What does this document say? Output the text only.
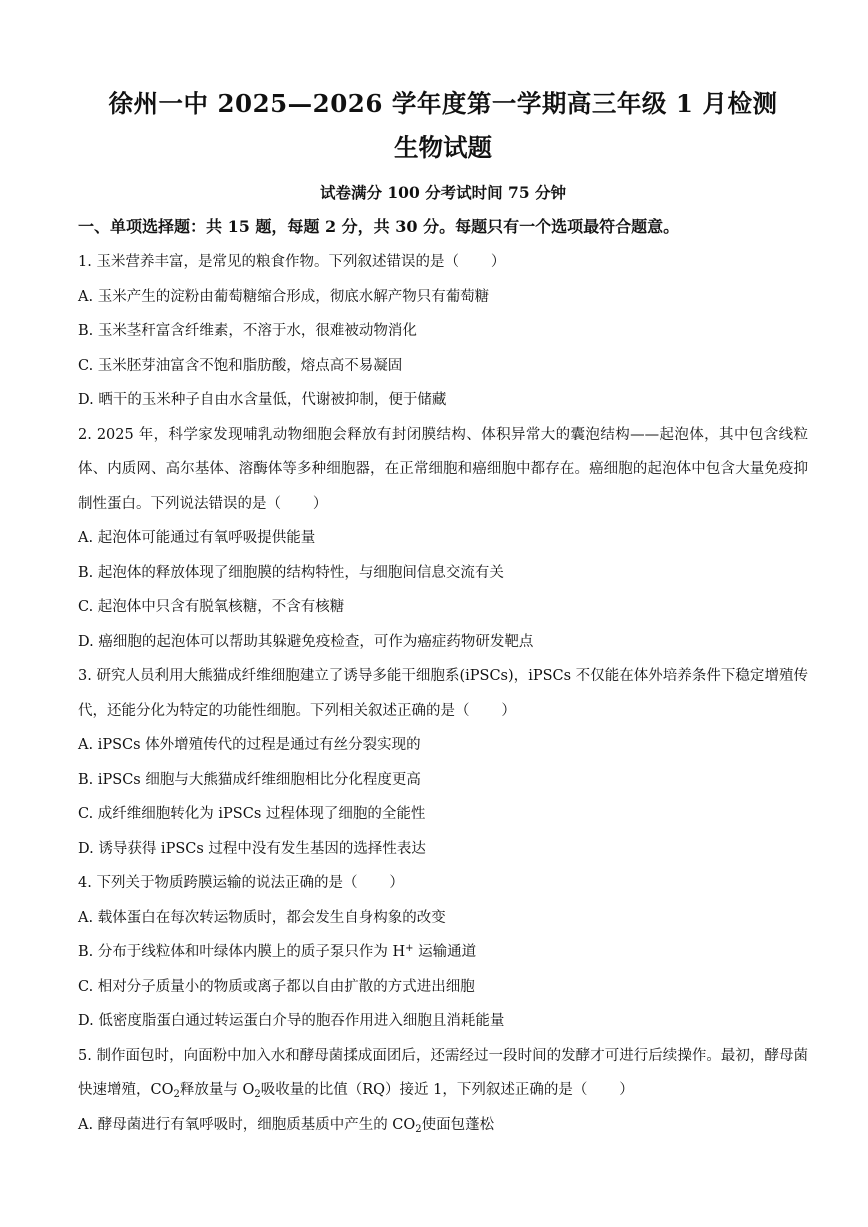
徐州一中 2025—2026 学年度第一学期高三年级 1 月检测
生物试题
试卷满分 100 分考试时间 75 分钟
一、单项选择题：共 15 题，每题 2 分，共 30 分。每题只有一个选项最符合题意。
1. 玉米营养丰富，是常见的粮食作物。下列叙述错误的是（ ）
A. 玉米产生的淀粉由葡萄糖缩合形成，彻底水解产物只有葡萄糖
B. 玉米茎秆富含纤维素，不溶于水，很难被动物消化
C. 玉米胚芽油富含不饱和脂肪酸，熔点高不易凝固
D. 晒干的玉米种子自由水含量低，代谢被抑制，便于储藏
2. 2025 年，科学家发现哺乳动物细胞会释放有封闭膜结构、体积异常大的囊泡结构——起泡体，其中包含线粒体、内质网、高尔基体、溶酶体等多种细胞器，在正常细胞和癌细胞中都存在。癌细胞的起泡体中包含大量免疫抑制性蛋白。下列说法错误的是（ ）
A. 起泡体可能通过有氧呼吸提供能量
B. 起泡体的释放体现了细胞膜的结构特性，与细胞间信息交流有关
C. 起泡体中只含有脱氧核糖，不含有核糖
D. 癌细胞的起泡体可以帮助其躲避免疫检查，可作为癌症药物研发靶点
3. 研究人员利用大熊猫成纤维细胞建立了诱导多能干细胞系(iPSCs)，iPSCs 不仅能在体外培养条件下稳定增殖传代，还能分化为特定的功能性细胞。下列相关叙述正确的是（ ）
A. iPSCs 体外增殖传代的过程是通过有丝分裂实现的
B. iPSCs 细胞与大熊猫成纤维细胞相比分化程度更高
C. 成纤维细胞转化为 iPSCs 过程体现了细胞的全能性
D. 诱导获得 iPSCs 过程中没有发生基因的选择性表达
4. 下列关于物质跨膜运输的说法正确的是（ ）
A. 载体蛋白在每次转运物质时，都会发生自身构象的改变
B. 分布于线粒体和叶绿体内膜上的质子泵只作为 H+ 运输通道
C. 相对分子质量小的物质或离子都以自由扩散的方式进出细胞
D. 低密度脂蛋白通过转运蛋白介导的胞吞作用进入细胞且消耗能量
5. 制作面包时，向面粉中加入水和酵母菌揉成面团后，还需经过一段时间的发酵才可进行后续操作。最初，酵母菌快速增殖，$CO_2$释放量与 $O_2$吸收量的比值（RQ）接近 1，下列叙述正确的是（ ）
A. 酵母菌进行有氧呼吸时，细胞质基质中产生的 $CO_2$使面包蓬松
